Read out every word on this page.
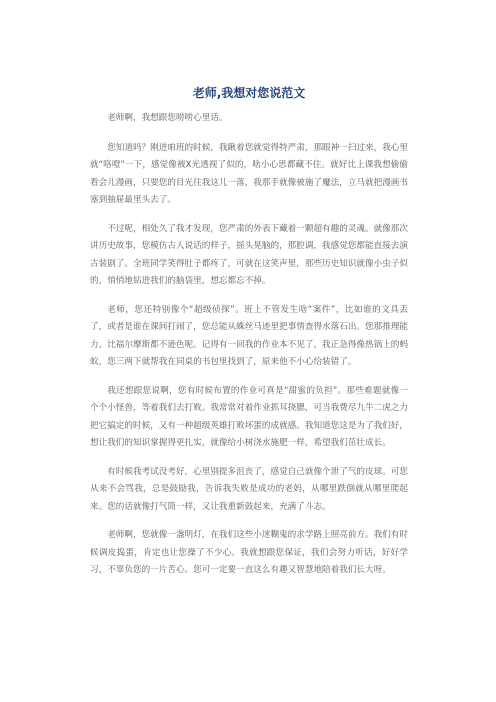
老师,我想对您说范文

老师啊，我想跟您唠唠心里话。

您知道吗？刚进咱班的时候，我瞅着您就觉得特严肃，那眼神一扫过来，我心里就“咯噔”一下，感觉像被X光透视了似的，啥小心思都藏不住。就好比上课我想偷偷看会儿漫画，只要您的目光往我这儿一落，我那手就像被施了魔法，立马就把漫画书塞到抽屉最里头去了。

不过呢，相处久了我才发现，您严肃的外表下藏着一颗超有趣的灵魂。就像那次讲历史故事，您模仿古人说话的样子，摇头晃脑的，那腔调，我感觉您都能直接去演古装剧了。全班同学笑得肚子都疼了，可就在这笑声里，那些历史知识就像小虫子似的，悄悄地钻进我们的脑袋里，想忘都忘不掉。

老师，您还特别像个“超级侦探”。班上不管发生啥“案件”，比如谁的文具丢了，或者是谁在课间打闹了，您总能从蛛丝马迹里把事情查得水落石出。您那推理能力，比福尔摩斯都不逊色呢。记得有一回我的作业本不见了，我正急得像热锅上的蚂蚁，您三两下就帮我在同桌的书包里找到了，原来他不小心给装错了。

我还想跟您说啊，您有时候布置的作业可真是“甜蜜的负担”。那些难题就像一个个小怪兽，等着我们去打败。我常常对着作业抓耳挠腮，可当我费尽九牛二虎之力把它搞定的时候，又有一种超级英雄打败坏蛋的成就感。我知道您这是为了我们好，想让我们的知识掌握得更扎实，就像给小树浇水施肥一样，希望我们茁壮成长。

有时候我考试没考好，心里别提多沮丧了，感觉自己就像个泄了气的皮球。可您从来不会骂我，总是鼓励我，告诉我失败是成功的老妈，从哪里跌倒就从哪里爬起来。您的话就像打气筒一样，又让我重新鼓起来，充满了斗志。

老师啊，您就像一盏明灯，在我们这些小迷糊鬼的求学路上照亮前方。我们有时候调皮捣蛋，肯定也让您操了不少心。我就想跟您保证，我们会努力听话，好好学习，不辜负您的一片苦心。您可一定要一直这么有趣又智慧地陪着我们长大呀。
